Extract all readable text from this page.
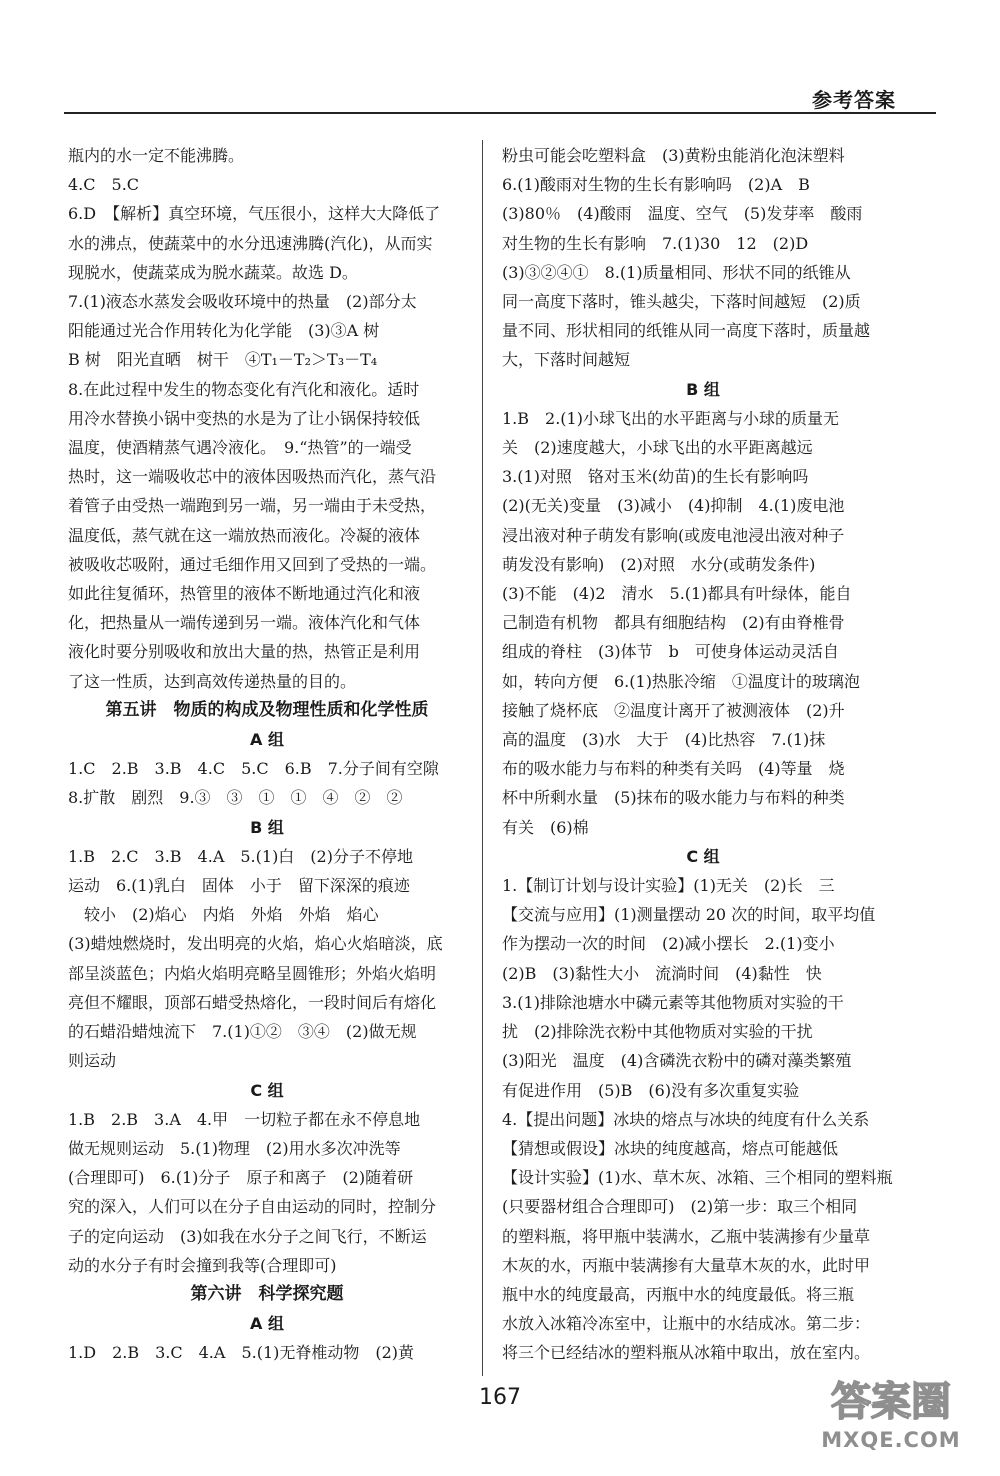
参考答案
瓶内的水一定不能沸腾。
4.C　5.C
6.D　【解析】真空环境，气压很小，这样大大降低了
水的沸点，使蔬菜中的水分迅速沸腾(汽化)，从而实
现脱水，使蔬菜成为脱水蔬菜。故选 D。
7.(1)液态水蒸发会吸收环境中的热量　(2)部分太
阳能通过光合作用转化为化学能　(3)③A 树
B 树　阳光直晒　树干　④T₁－T₂＞T₃－T₄
8.在此过程中发生的物态变化有汽化和液化。适时
用冷水替换小锅中变热的水是为了让小锅保持较低
温度，使酒精蒸气遇冷液化。　9.“热管”的一端受
热时，这一端吸收芯中的液体因吸热而汽化，蒸气沿
着管子由受热一端跑到另一端，另一端由于未受热，
温度低，蒸气就在这一端放热而液化。冷凝的液体
被吸收芯吸附，通过毛细作用又回到了受热的一端。
如此往复循环，热管里的液体不断地通过汽化和液
化，把热量从一端传递到另一端。液体汽化和气体
液化时要分别吸收和放出大量的热，热管正是利用
了这一性质，达到高效传递热量的目的。
第五讲　物质的构成及物理性质和化学性质
A 组
1.C　2.B　3.B　4.C　5.C　6.B　7.分子间有空隙
8.扩散　剧烈　9.③　③　①　①　④　②　②
B 组
1.B　2.C　3.B　4.A　5.(1)白　(2)分子不停地
运动　6.(1)乳白　固体　小于　留下深深的痕迹
　较小　(2)焰心　内焰　外焰　外焰　焰心
(3)蜡烛燃烧时，发出明亮的火焰，焰心火焰暗淡，底
部呈淡蓝色；内焰火焰明亮略呈圆锥形；外焰火焰明
亮但不耀眼，顶部石蜡受热熔化，一段时间后有熔化
的石蜡沿蜡烛流下　7.(1)①②　③④　(2)做无规
则运动
C 组
1.B　2.B　3.A　4.甲　一切粒子都在永不停息地
做无规则运动　5.(1)物理　(2)用水多次冲洗等
(合理即可)　6.(1)分子　原子和离子　(2)随着研
究的深入，人们可以在分子自由运动的同时，控制分
子的定向运动　(3)如我在水分子之间飞行，不断运
动的水分子有时会撞到我等(合理即可)
第六讲　科学探究题
A 组
1.D　2.B　3.C　4.A　5.(1)无脊椎动物　(2)黄
粉虫可能会吃塑料盒　(3)黄粉虫能消化泡沫塑料
6.(1)酸雨对生物的生长有影响吗　(2)A　B
(3)80％　(4)酸雨　温度、空气　(5)发芽率　酸雨
对生物的生长有影响　7.(1)30　12　(2)D
(3)③②④①　8.(1)质量相同、形状不同的纸锥从
同一高度下落时，锥头越尖，下落时间越短　(2)质
量不同、形状相同的纸锥从同一高度下落时，质量越
大，下落时间越短
B 组
1.B　2.(1)小球飞出的水平距离与小球的质量无
关　(2)速度越大，小球飞出的水平距离越远
3.(1)对照　铬对玉米(幼苗)的生长有影响吗
(2)(无关)变量　(3)减小　(4)抑制　4.(1)废电池
浸出液对种子萌发有影响(或废电池浸出液对种子
萌发没有影响)　(2)对照　水分(或萌发条件)
(3)不能　(4)2　清水　5.(1)都具有叶绿体，能自
己制造有机物　都具有细胞结构　(2)有由脊椎骨
组成的脊柱　(3)体节　b　可使身体运动灵活自
如，转向方便　6.(1)热胀冷缩　①温度计的玻璃泡
接触了烧杯底　②温度计离开了被测液体　(2)升
高的温度　(3)水　大于　(4)比热容　7.(1)抹
布的吸水能力与布料的种类有关吗　(4)等量　烧
杯中所剩水量　(5)抹布的吸水能力与布料的种类
有关　(6)棉
C 组
1.【制订计划与设计实验】(1)无关　(2)长　三
【交流与应用】(1)测量摆动 20 次的时间，取平均值
作为摆动一次的时间　(2)减小摆长　2.(1)变小
(2)B　(3)黏性大小　流淌时间　(4)黏性　快
3.(1)排除池塘水中磷元素等其他物质对实验的干
扰　(2)排除洗衣粉中其他物质对实验的干扰
(3)阳光　温度　(4)含磷洗衣粉中的磷对藻类繁殖
有促进作用　(5)B　(6)没有多次重复实验
4.【提出问题】冰块的熔点与冰块的纯度有什么关系
【猜想或假设】冰块的纯度越高，熔点可能越低
【设计实验】(1)水、草木灰、冰箱、三个相同的塑料瓶
(只要器材组合合理即可)　(2)第一步：取三个相同
的塑料瓶，将甲瓶中装满水，乙瓶中装满掺有少量草
木灰的水，丙瓶中装满掺有大量草木灰的水，此时甲
瓶中水的纯度最高，丙瓶中水的纯度最低。将三瓶
水放入冰箱冷冻室中，让瓶中的水结成冰。第二步：
将三个已经结冰的塑料瓶从冰箱中取出，放在室内。
167	答案圈
MXQE.COM
